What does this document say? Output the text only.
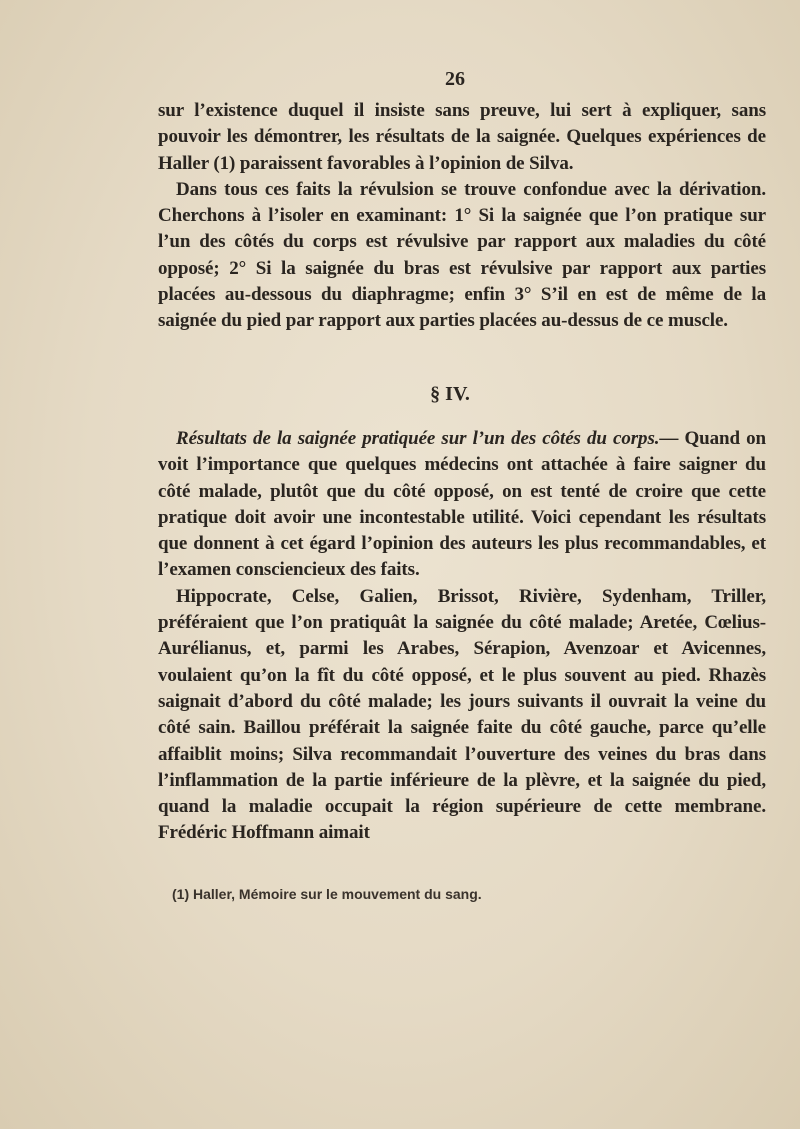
26

sur l’existence duquel il insiste sans preuve, lui sert à expliquer, sans pouvoir les démontrer, les résultats de la saignée. Quelques expériences de Haller (1) paraissent favorables à l’opinion de Silva.

Dans tous ces faits la révulsion se trouve confondue avec la dérivation. Cherchons à l’isoler en examinant: 1° Si la saignée que l’on pratique sur l’un des côtés du corps est révulsive par rapport aux maladies du côté opposé; 2° Si la saignée du bras est révulsive par rapport aux parties placées au-dessous du diaphragme; enfin 3° S’il en est de même de la saignée du pied par rapport aux parties placées au-dessus de ce muscle.

§ IV.

Résultats de la saignée pratiquée sur l’un des côtés du corps.— Quand on voit l’importance que quelques médecins ont attachée à faire saigner du côté malade, plutôt que du côté opposé, on est tenté de croire que cette pratique doit avoir une incontestable utilité. Voici cependant les résultats que donnent à cet égard l’opinion des auteurs les plus recommandables, et l’examen consciencieux des faits.

Hippocrate, Celse, Galien, Brissot, Rivière, Sydenham, Triller, préféraient que l’on pratiquât la saignée du côté malade; Aretée, Cœlius-Aurélianus, et, parmi les Arabes, Sérapion, Avenzoar et Avicennes, voulaient qu’on la fît du côté opposé, et le plus souvent au pied. Rhazès saignait d’abord du côté malade; les jours suivants il ouvrait la veine du côté sain. Baillou préférait la saignée faite du côté gauche, parce qu’elle affaiblit moins; Silva recommandait l’ouverture des veines du bras dans l’inflammation de la partie inférieure de la plèvre, et la saignée du pied, quand la maladie occupait la région supérieure de cette membrane. Frédéric Hoffmann aimait

(1) Haller, Mémoire sur le mouvement du sang.
